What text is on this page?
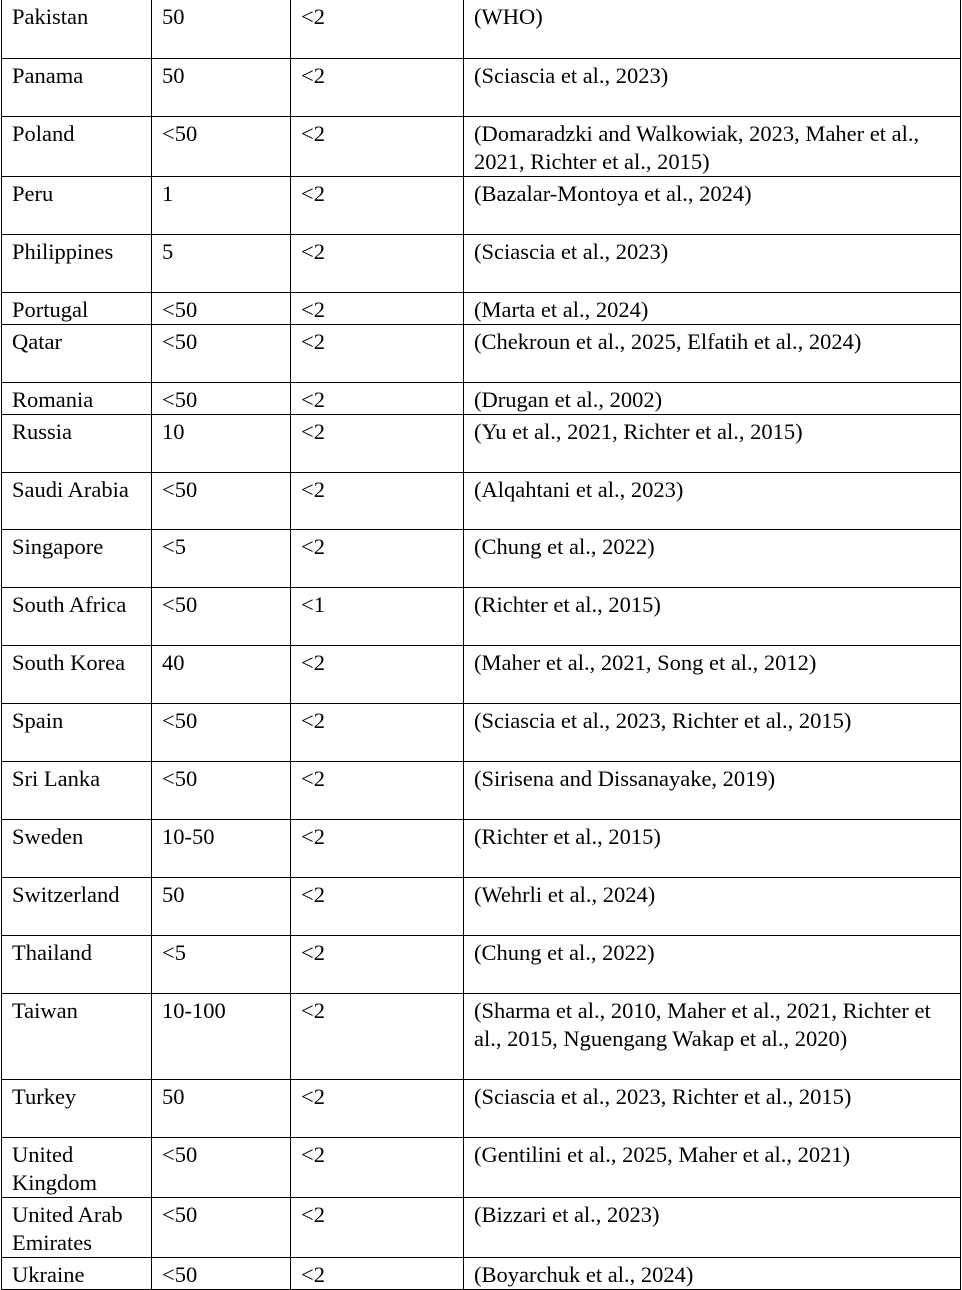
Pakistan	50	<2	(WHO)
Panama	50	<2	(Sciascia et al., 2023)
Poland	<50	<2	(Domaradzki and Walkowiak, 2023, Maher et al., 2021, Richter et al., 2015)
Peru	1	<2	(Bazalar-Montoya et al., 2024)
Philippines	5	<2	(Sciascia et al., 2023)
Portugal	<50	<2	(Marta et al., 2024)
Qatar	<50	<2	(Chekroun et al., 2025, Elfatih et al., 2024)
Romania	<50	<2	(Drugan et al., 2002)
Russia	10	<2	(Yu et al., 2021, Richter et al., 2015)
Saudi Arabia	<50	<2	(Alqahtani et al., 2023)
Singapore	<5	<2	(Chung et al., 2022)
South Africa	<50	<1	(Richter et al., 2015)
South Korea	40	<2	(Maher et al., 2021, Song et al., 2012)
Spain	<50	<2	(Sciascia et al., 2023, Richter et al., 2015)
Sri Lanka	<50	<2	(Sirisena and Dissanayake, 2019)
Sweden	10-50	<2	(Richter et al., 2015)
Switzerland	50	<2	(Wehrli et al., 2024)
Thailand	<5	<2	(Chung et al., 2022)
Taiwan	10-100	<2	(Sharma et al., 2010, Maher et al., 2021, Richter et al., 2015, Nguengang Wakap et al., 2020)
Turkey	50	<2	(Sciascia et al., 2023, Richter et al., 2015)
United Kingdom	<50	<2	(Gentilini et al., 2025, Maher et al., 2021)
United Arab Emirates	<50	<2	(Bizzari et al., 2023)
Ukraine	<50	<2	(Boyarchuk et al., 2024)
